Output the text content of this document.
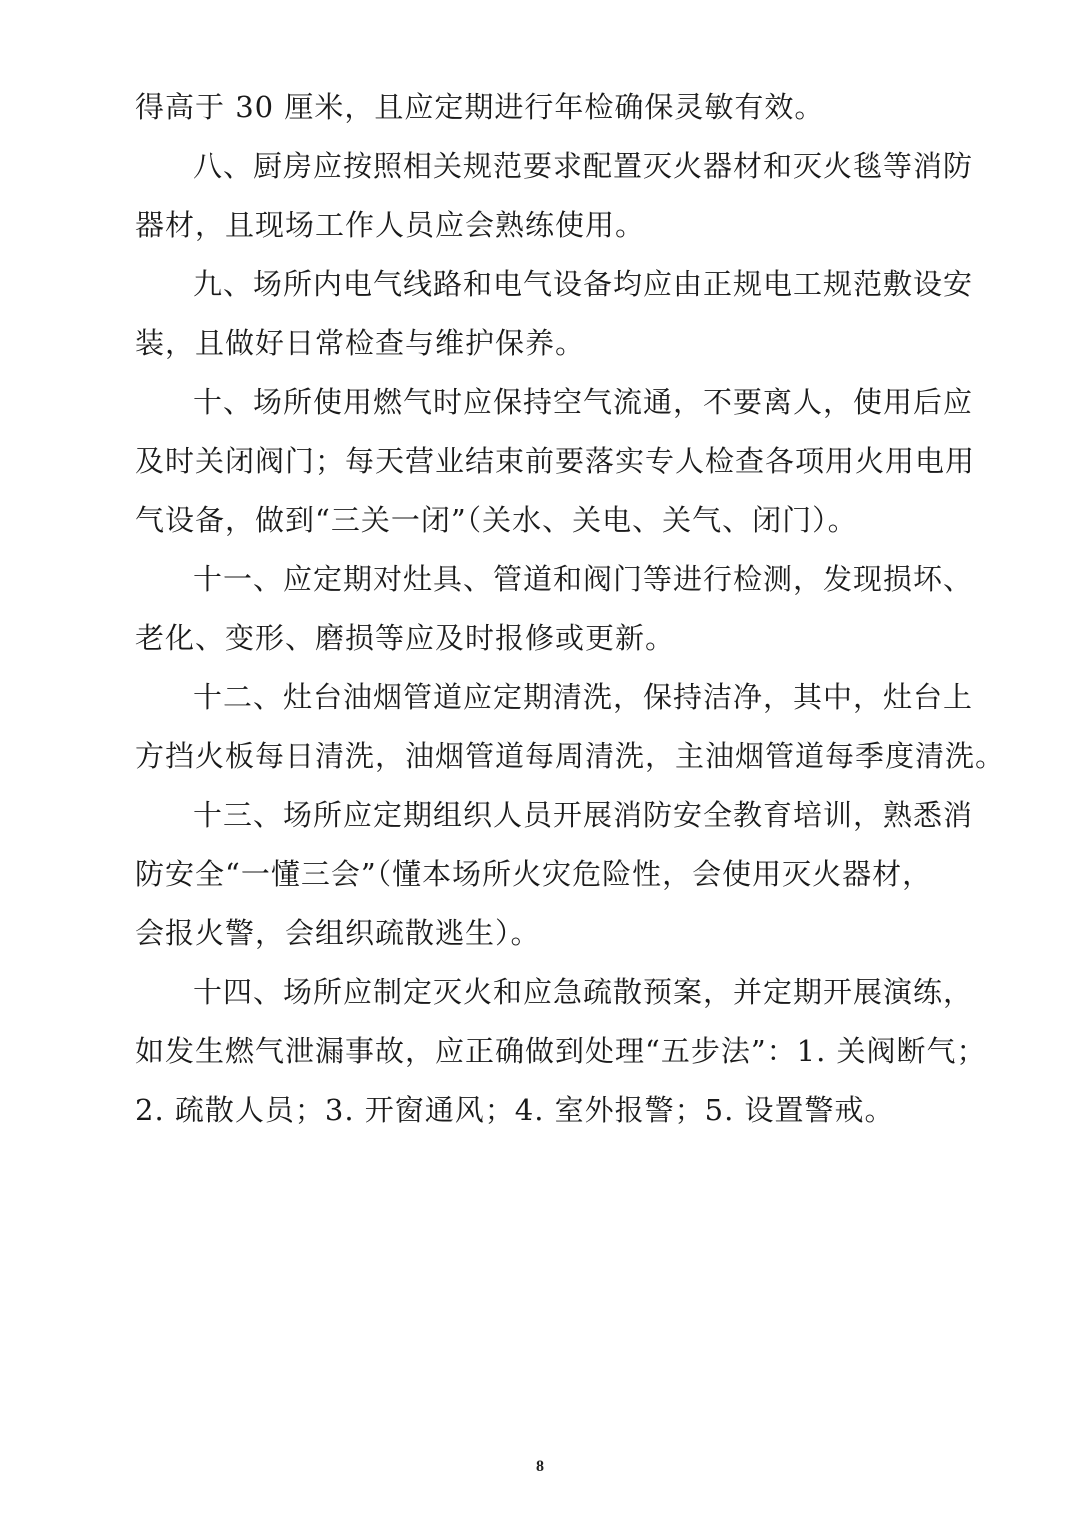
得高于 30 厘米，且应定期进行年检确保灵敏有效。
八、厨房应按照相关规范要求配置灭火器材和灭火毯等消防
器材，且现场工作人员应会熟练使用。
九、场所内电气线路和电气设备均应由正规电工规范敷设安
装，且做好日常检查与维护保养。
十、场所使用燃气时应保持空气流通，不要离人，使用后应
及时关闭阀门；每天营业结束前要落实专人检查各项用火用电用
气设备，做到“三关一闭”（关水、关电、关气、闭门）。
十一、应定期对灶具、管道和阀门等进行检测，发现损坏、
老化、变形、磨损等应及时报修或更新。
十二、灶台油烟管道应定期清洗，保持洁净，其中，灶台上
方挡火板每日清洗，油烟管道每周清洗，主油烟管道每季度清洗。
十三、场所应定期组织人员开展消防安全教育培训，熟悉消
防安全“一懂三会”（懂本场所火灾危险性，会使用灭火器材，
会报火警，会组织疏散逃生）。
十四、场所应制定灭火和应急疏散预案，并定期开展演练，
如发生燃气泄漏事故，应正确做到处理“五步法”：1. 关阀断气；
2. 疏散人员；3. 开窗通风；4. 室外报警；5. 设置警戒。
8
